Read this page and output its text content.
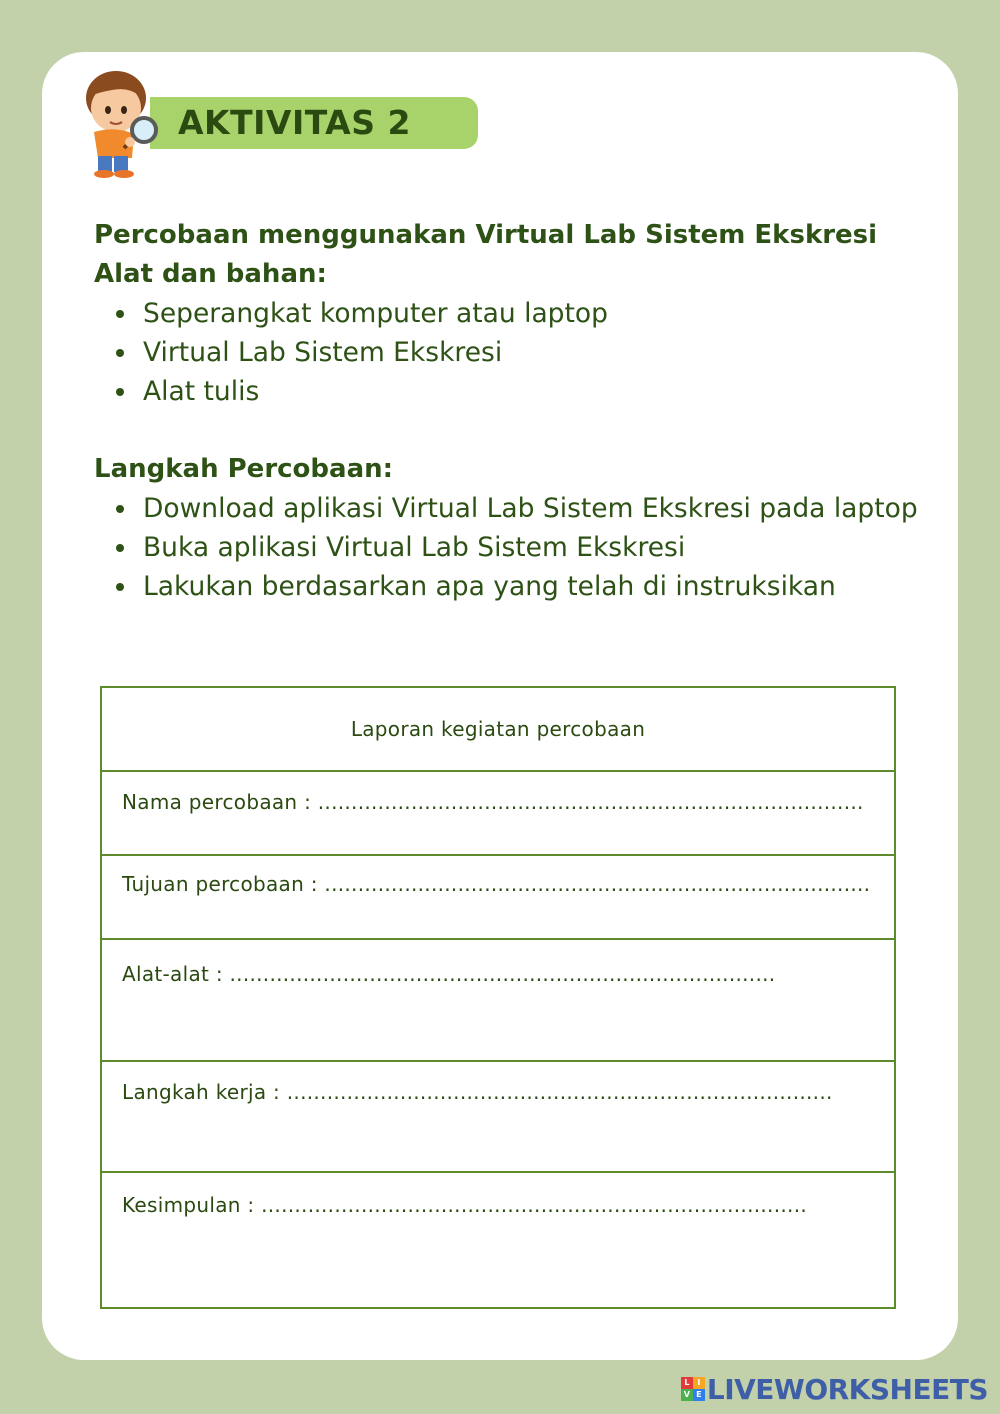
AKTIVITAS 2

Percobaan menggunakan Virtual Lab Sistem Ekskresi

Alat dan bahan:

Seperangkat komputer atau laptop
Virtual Lab Sistem Ekskresi
Alat tulis

Langkah Percobaan:

Download aplikasi Virtual Lab Sistem Ekskresi pada laptop
Buka aplikasi Virtual Lab Sistem Ekskresi
Lakukan berdasarkan apa yang telah di instruksikan
Laporan kegiatan percobaan
Nama percobaan : ..................................................................................
Tujuan percobaan : ..................................................................................
Alat-alat : ..................................................................................
Langkah kerja : ..................................................................................
Kesimpulan : ..................................................................................
L I
V E LIVEWORKSHEETS
